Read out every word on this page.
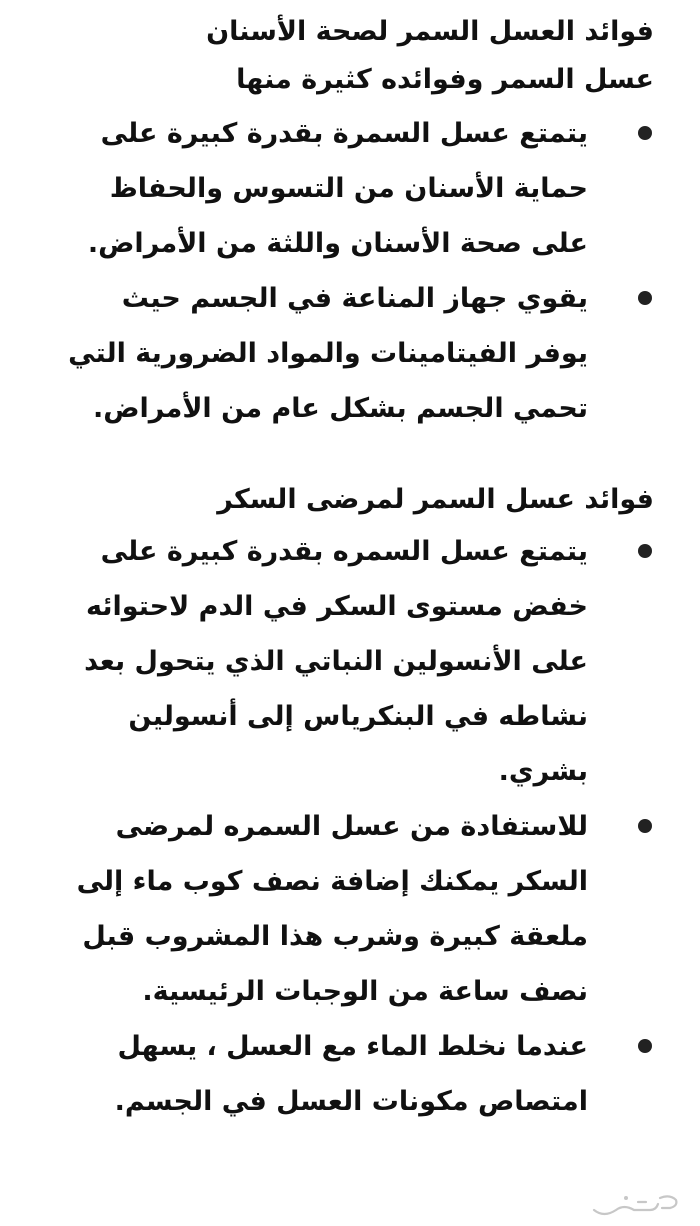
فوائد العسل السمر لصحة الأسنان

عسل السمر وفوائده كثيرة منها

يتمتع عسل السمرة بقدرة كبيرة على حماية الأسنان من التسوس والحفاظ على صحة الأسنان واللثة من الأمراض.
يقوي جهاز المناعة في الجسم حيث يوفر الفيتامينات والمواد الضرورية التي تحمي الجسم بشكل عام من الأمراض.
فوائد عسل السمر لمرضى السكر
يتمتع عسل السمره بقدرة كبيرة على خفض مستوى السكر في الدم لاحتوائه على الأنسولين النباتي الذي يتحول بعد نشاطه في البنكرياس إلى أنسولين بشري.
للاستفادة من عسل السمره لمرضى السكر يمكنك إضافة نصف كوب ماء إلى ملعقة كبيرة وشرب هذا المشروب قبل نصف ساعة من الوجبات الرئيسية.
عندما نخلط الماء مع العسل ، يسهل امتصاص مكونات العسل في الجسم.
